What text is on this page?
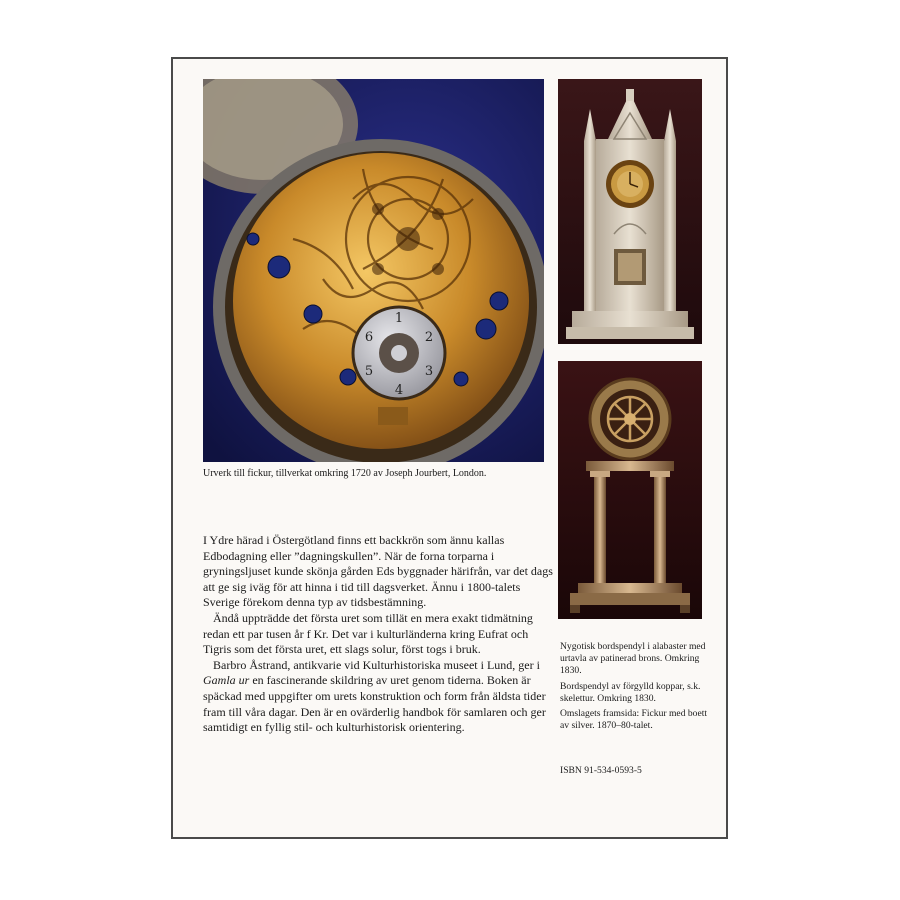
1
2
3
4
5
6
Urverk till fickur, tillverkat omkring 1720 av Joseph Jourbert, London.

I Ydre härad i Östergötland finns ett backkrön som ännu kallas Edbodagning eller ”dagningskullen”. När de forna torparna i gryningsljuset kunde skönja gården Eds byggnader härifrån, var det dags att ge sig iväg för att hinna i tid till dagsverket. Ännu i 1800-talets Sverige förekom denna typ av tidsbestämning.

Ändå uppträdde det första uret som tillät en mera exakt tidmätning redan ett par tusen år f Kr. Det var i kulturländerna kring Eufrat och Tigris som det första uret, ett slags solur, först togs i bruk.

Barbro Åstrand, antikvarie vid Kulturhistoriska museet i Lund, ger i Gamla ur en fascinerande skildring av uret genom tiderna. Boken är späckad med uppgifter om urets konstruktion och form från äldsta tider fram till våra dagar. Den är en ovärderlig handbok för samlaren och ger samtidigt en fyllig stil- och kulturhistorisk orientering.

Nygotisk bordspendyl i alabaster med urtavla av patinerad brons. Omkring 1830.

Bordspendyl av förgylld koppar, s.k. skelettur. Omkring 1830.

Omslagets framsida: Fickur med boett av silver. 1870–80-talet.

ISBN 91-534-0593-5
